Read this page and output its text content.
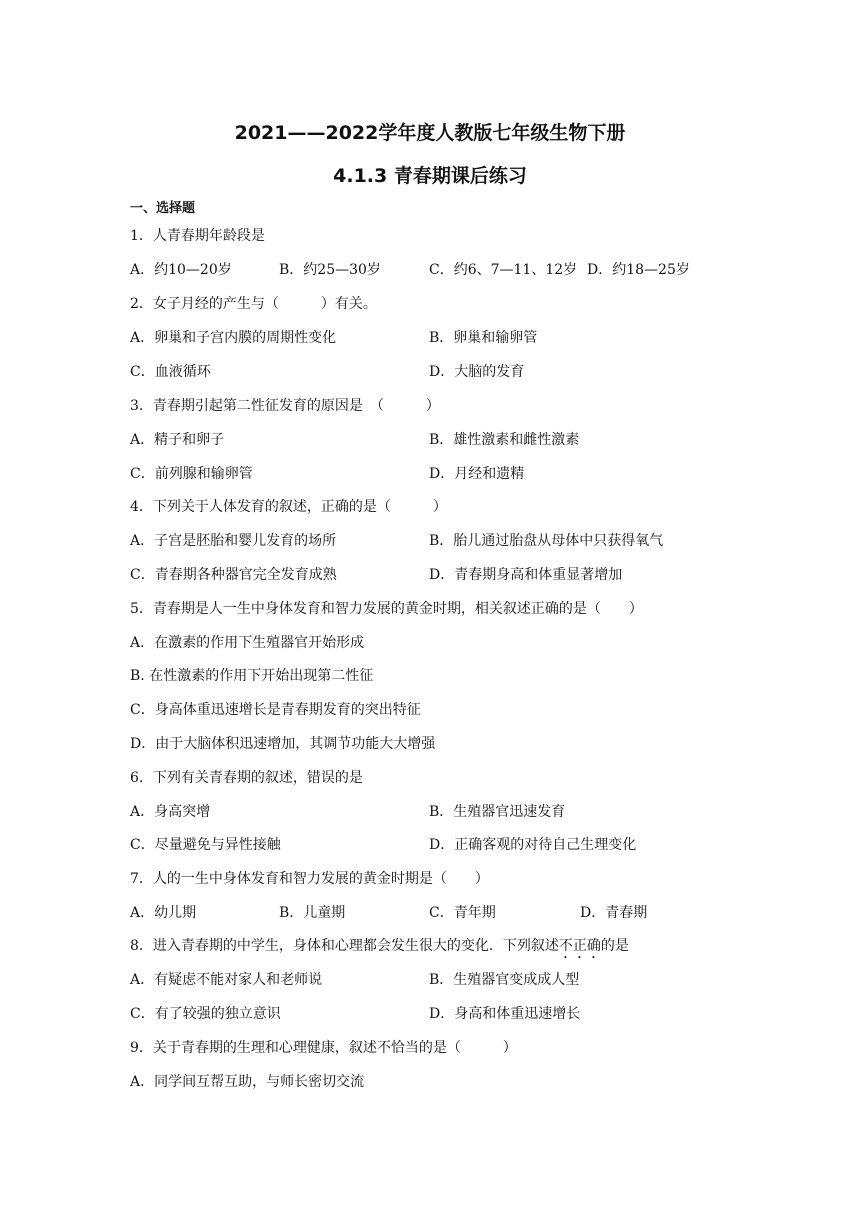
2021——2022学年度人教版七年级生物下册
4.1.3 青春期课后练习
一、选择题
1．人青春期年龄段是
A．约10—20岁	B．约25—30岁	C．约6、7—11、12岁 D．约18—25岁
2．女子月经的产生与（　　　）有关。
A．卵巢和子宫内膜的周期性变化	B．卵巢和输卵管
C．血液循环	D．大脑的发育
3．青春期引起第二性征发育的原因是　（　　　）
A．精子和卵子	B．雄性激素和雌性激素
C．前列腺和输卵管	D．月经和遗精
4．下列关于人体发育的叙述，正确的是（　　　）
A．子宫是胚胎和婴儿发育的场所	B．胎儿通过胎盘从母体中只获得氧气
C．青春期各种器官完全发育成熟	D．青春期身高和体重显著增加
5．青春期是人一生中身体发育和智力发展的黄金时期，相关叙述正确的是（　　）
A．在激素的作用下生殖器官开始形成
B. 在性激素的作用下开始出现第二性征
C．身高体重迅速增长是青春期发育的突出特征
D．由于大脑体积迅速增加，其调节功能大大增强
6．下列有关青春期的叙述，错误的是
A．身高突增	B．生殖器官迅速发育
C．尽量避免与异性接触	D．正确客观的对待自己生理变化
7．人的一生中身体发育和智力发展的黄金时期是（　　）
A．幼儿期	B．儿童期	C．青年期	D．青春期
8．进入青春期的中学生，身体和心理都会发生很大的变化．下列叙述不正确的是
A．有疑虑不能对家人和老师说	B．生殖器官变成成人型
C．有了较强的独立意识	D．身高和体重迅速增长
9．关于青春期的生理和心理健康，叙述不恰当的是（　　　）
A．同学间互帮互助，与师长密切交流
